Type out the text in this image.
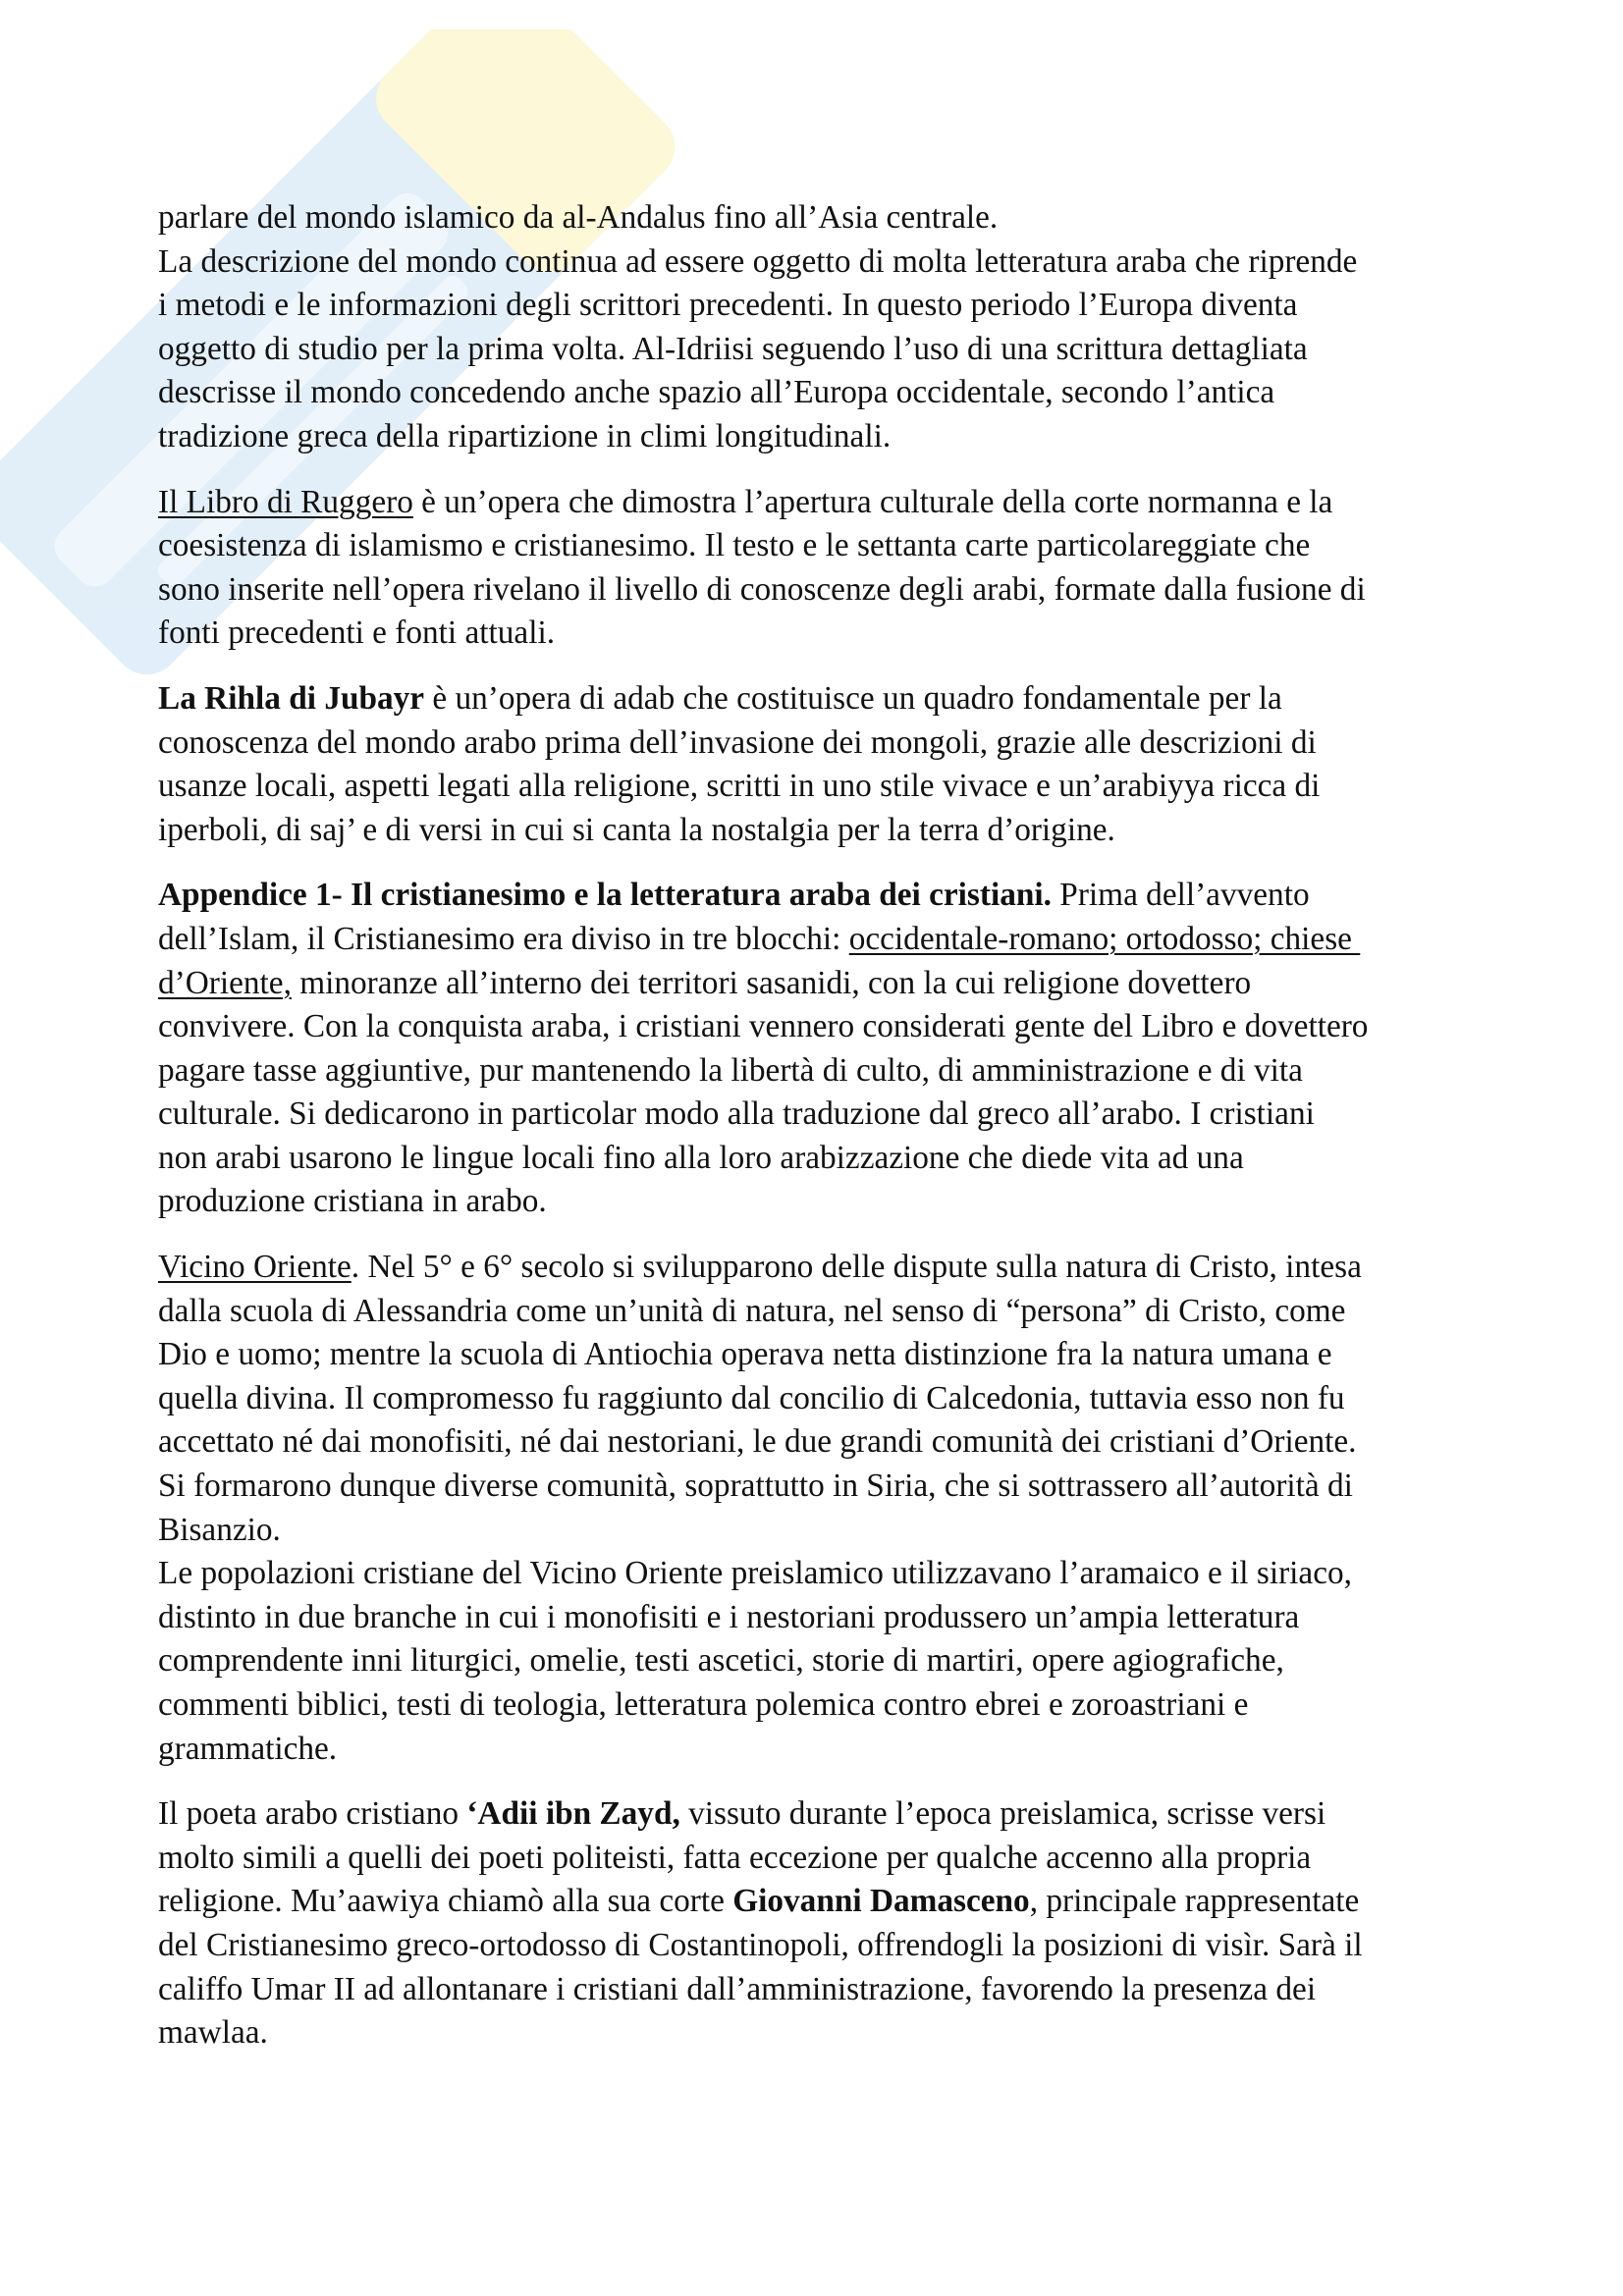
parlare del mondo islamico da al-Andalus fino all’Asia centrale.
La descrizione del mondo continua ad essere oggetto di molta letteratura araba che riprende
i metodi e le informazioni degli scrittori precedenti. In questo periodo l’Europa diventa
oggetto di studio per la prima volta. Al-Idriisi seguendo l’uso di una scrittura dettagliata
descrisse il mondo concedendo anche spazio all’Europa occidentale, secondo l’antica
tradizione greca della ripartizione in climi longitudinali.
Il Libro di Ruggero è un’opera che dimostra l’apertura culturale della corte normanna e la
coesistenza di islamismo e cristianesimo. Il testo e le settanta carte particolareggiate che
sono inserite nell’opera rivelano il livello di conoscenze degli arabi, formate dalla fusione di
fonti precedenti e fonti attuali.
La Rihla di Jubayr è un’opera di adab che costituisce un quadro fondamentale per la
conoscenza del mondo arabo prima dell’invasione dei mongoli, grazie alle descrizioni di
usanze locali, aspetti legati alla religione, scritti in uno stile vivace e un’arabiyya ricca di
iperboli, di saj’ e di versi in cui si canta la nostalgia per la terra d’origine.
Appendice 1- Il cristianesimo e la letteratura araba dei cristiani. Prima dell’avvento
dell’Islam, il Cristianesimo era diviso in tre blocchi: occidentale-romano; ortodosso; chiese
d’Oriente, minoranze all’interno dei territori sasanidi, con la cui religione dovettero
convivere. Con la conquista araba, i cristiani vennero considerati gente del Libro e dovettero
pagare tasse aggiuntive, pur mantenendo la libertà di culto, di amministrazione e di vita
culturale. Si dedicarono in particolar modo alla traduzione dal greco all’arabo. I cristiani
non arabi usarono le lingue locali fino alla loro arabizzazione che diede vita ad una
produzione cristiana in arabo.
Vicino Oriente. Nel 5° e 6° secolo si svilupparono delle dispute sulla natura di Cristo, intesa
dalla scuola di Alessandria come un’unità di natura, nel senso di “persona” di Cristo, come
Dio e uomo; mentre la scuola di Antiochia operava netta distinzione fra la natura umana e
quella divina. Il compromesso fu raggiunto dal concilio di Calcedonia, tuttavia esso non fu
accettato né dai monofisiti, né dai nestoriani, le due grandi comunità dei cristiani d’Oriente.
Si formarono dunque diverse comunità, soprattutto in Siria, che si sottrassero all’autorità di
Bisanzio.
Le popolazioni cristiane del Vicino Oriente preislamico utilizzavano l’aramaico e il siriaco,
distinto in due branche in cui i monofisiti e i nestoriani produssero un’ampia letteratura
comprendente inni liturgici, omelie, testi ascetici, storie di martiri, opere agiografiche,
commenti biblici, testi di teologia, letteratura polemica contro ebrei e zoroastriani e
grammatiche.
Il poeta arabo cristiano ‘Adii ibn Zayd, vissuto durante l’epoca preislamica, scrisse versi
molto simili a quelli dei poeti politeisti, fatta eccezione per qualche accenno alla propria
religione. Mu’aawiya chiamò alla sua corte Giovanni Damasceno, principale rappresentate
del Cristianesimo greco-ortodosso di Costantinopoli, offrendogli la posizioni di visìr. Sarà il
califfo Umar II ad allontanare i cristiani dall’amministrazione, favorendo la presenza dei
mawlaa.
